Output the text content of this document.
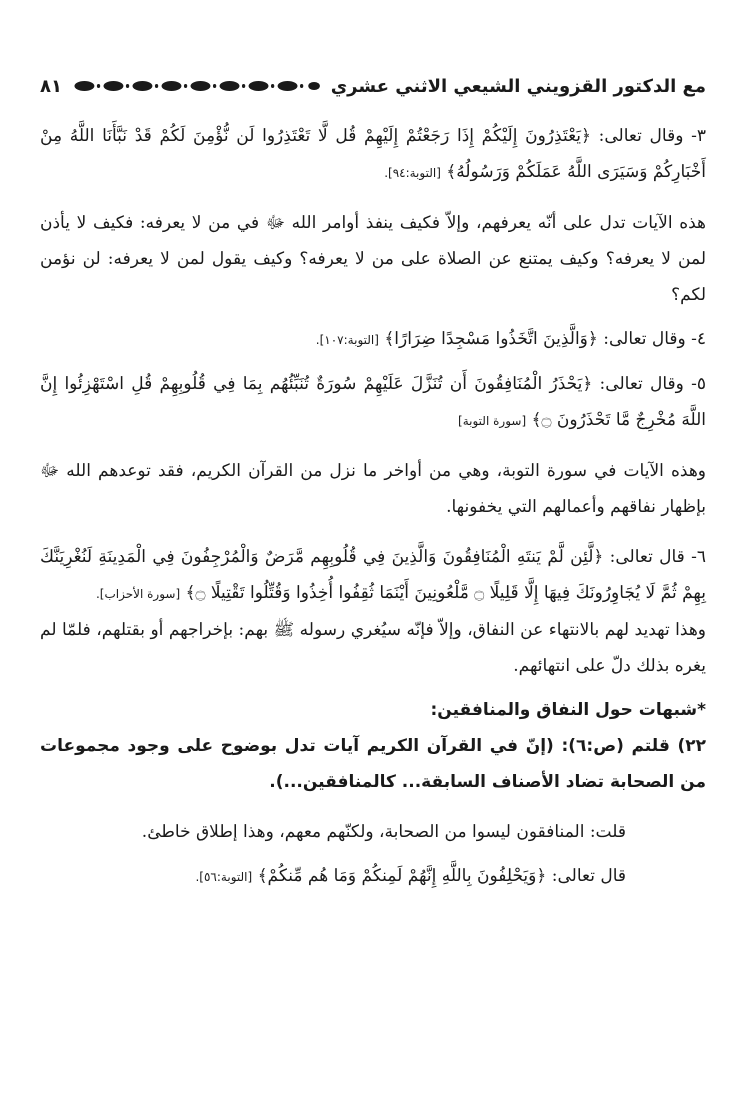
مع الدكتور القزويني الشيعي الاثني عشري
٨١

٣- وقال تعالى: ﴿يَعْتَذِرُونَ إِلَيْكُمْ إِذَا رَجَعْتُمْ إِلَيْهِمْ قُل لَّا تَعْتَذِرُوا لَن نُّؤْمِنَ لَكُمْ قَدْ نَبَّأَنَا اللَّهُ مِنْ أَخْبَارِكُمْ وَسَيَرَى اللَّهُ عَمَلَكُمْ وَرَسُولُهُ﴾ [التوبة:٩٤].

هذه الآيات تدل على أنّه يعرفهم، وإلاّ فكيف ينفذ أوامر الله ﷻ في من لا يعرفه: فكيف لا يأذن لمن لا يعرفه؟ وكيف يمتنع عن الصلاة على من لا يعرفه؟ وكيف يقول لمن لا يعرفه: لن نؤمن لكم؟

٤- وقال تعالى: ﴿وَالَّذِينَ اتَّخَذُوا مَسْجِدًا ضِرَارًا﴾ [التوبة:١٠٧].

٥- وقال تعالى: ﴿يَحْذَرُ الْمُنَافِقُونَ أَن تُنَزَّلَ عَلَيْهِمْ سُورَةٌ تُنَبِّئُهُم بِمَا فِي قُلُوبِهِمْ قُلِ اسْتَهْزِئُوا إِنَّ اللَّهَ مُخْرِجٌ مَّا تَحْذَرُونَ ۝﴾ [سورة التوبة]

وهذه الآيات في سورة التوبة، وهي من أواخر ما نزل من القرآن الكريم، فقد توعدهم الله ﷻ بإظهار نفاقهم وأعمالهم التي يخفونها.

٦- قال تعالى: ﴿لَّئِن لَّمْ يَنتَهِ الْمُنَافِقُونَ وَالَّذِينَ فِي قُلُوبِهِم مَّرَضٌ وَالْمُرْجِفُونَ فِي الْمَدِينَةِ لَنُغْرِيَنَّكَ بِهِمْ ثُمَّ لَا يُجَاوِرُونَكَ فِيهَا إِلَّا قَلِيلًا ۝ مَّلْعُونِينَ أَيْنَمَا ثُقِفُوا أُخِذُوا وَقُتِّلُوا تَقْتِيلًا ۝﴾ [سورة الأحزاب].

وهذا تهديد لهم بالانتهاء عن النفاق، وإلاّ فإنّه سيُغري رسوله ﷺ بهم: بإخراجهم أو بقتلهم، فلمّا لم يغره بذلك دلّ على انتهائهم.

*شبهات حول النفاق والمنافقين:

٢٢) قلتم (ص:٦): (إنّ في القرآن الكريم آيات تدل بوضوح على وجود مجموعات من الصحابة تضاد الأصناف السابقة... كالمنافقين...).

قلت: المنافقون ليسوا من الصحابة، ولكنّهم معهم، وهذا إطلاق خاطئ.

قال تعالى: ﴿وَيَحْلِفُونَ بِاللَّهِ إِنَّهُمْ لَمِنكُمْ وَمَا هُم مِّنكُمْ﴾ [التوبة:٥٦].
